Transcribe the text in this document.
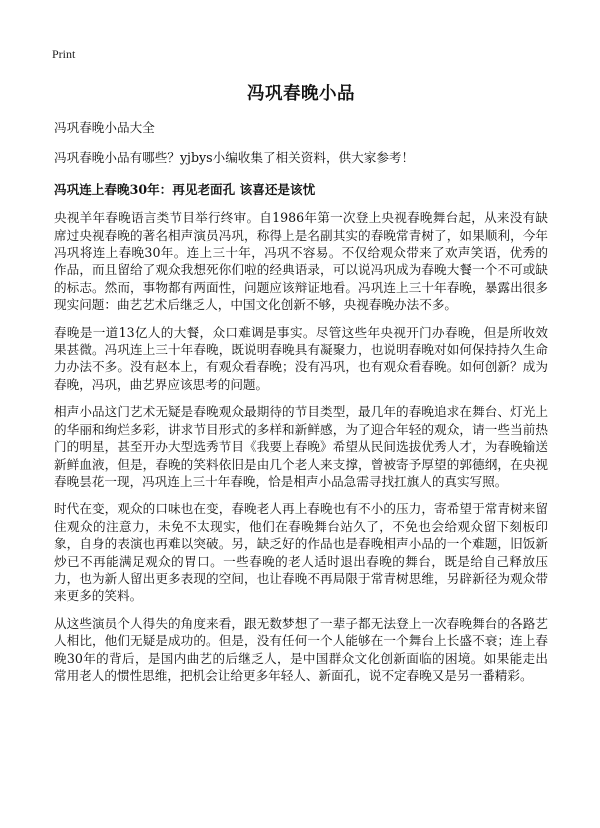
Print
冯巩春晚小品

冯巩春晚小品大全

冯巩春晚小品有哪些？yjbys小编收集了相关资料，供大家参考！

冯巩连上春晚30年：再见老面孔 该喜还是该忧

央视羊年春晚语言类节目举行终审。自1986年第一次登上央视春晚舞台起，从来没有缺席过央视春晚的著名相声演员冯巩，称得上是名副其实的春晚常青树了，如果顺利，今年冯巩将连上春晚30年。连上三十年，冯巩不容易。不仅给观众带来了欢声笑语，优秀的作品，而且留给了观众我想死你们啦的经典语录，可以说冯巩成为春晚大餐一个不可或缺的标志。然而，事物都有两面性，问题应该辩证地看。冯巩连上三十年春晚，暴露出很多现实问题：曲艺艺术后继乏人，中国文化创新不够，央视春晚办法不多。

春晚是一道13亿人的大餐，众口难调是事实。尽管这些年央视开门办春晚，但是所收效果甚微。冯巩连上三十年春晚，既说明春晚具有凝聚力，也说明春晚对如何保持持久生命力办法不多。没有赵本上，有观众看春晚；没有冯巩，也有观众看春晚。如何创新？成为春晚，冯巩，曲艺界应该思考的问题。

相声小品这门艺术无疑是春晚观众最期待的节目类型，最几年的春晚追求在舞台、灯光上的华丽和绚烂多彩，讲求节目形式的多样和新鲜感，为了迎合年轻的观众，请一些当前热门的明星，甚至开办大型选秀节目《我要上春晚》希望从民间选拔优秀人才，为春晚输送新鲜血液，但是，春晚的笑料依旧是由几个老人来支撑，曾被寄予厚望的郭德纲，在央视春晚昙花一现，冯巩连上三十年春晚，恰是相声小品急需寻找扛旗人的真实写照。

时代在变，观众的口味也在变，春晚老人再上春晚也有不小的压力，寄希望于常青树来留住观众的注意力，未免不太现实，他们在春晚舞台站久了，不免也会给观众留下刻板印象，自身的表演也再难以突破。另，缺乏好的作品也是春晚相声小品的一个难题，旧饭新炒已不再能满足观众的胃口。一些春晚的老人适时退出春晚的舞台，既是给自己释放压力，也为新人留出更多表现的空间，也让春晚不再局限于常青树思维，另辟新径为观众带来更多的笑料。

从这些演员个人得失的角度来看，跟无数梦想了一辈子都无法登上一次春晚舞台的各路艺人相比，他们无疑是成功的。但是，没有任何一个人能够在一个舞台上长盛不衰；连上春晚30年的背后，是国内曲艺的后继乏人，是中国群众文化创新面临的困境。如果能走出常用老人的惯性思维，把机会让给更多年轻人、新面孔，说不定春晚又是另一番精彩。
